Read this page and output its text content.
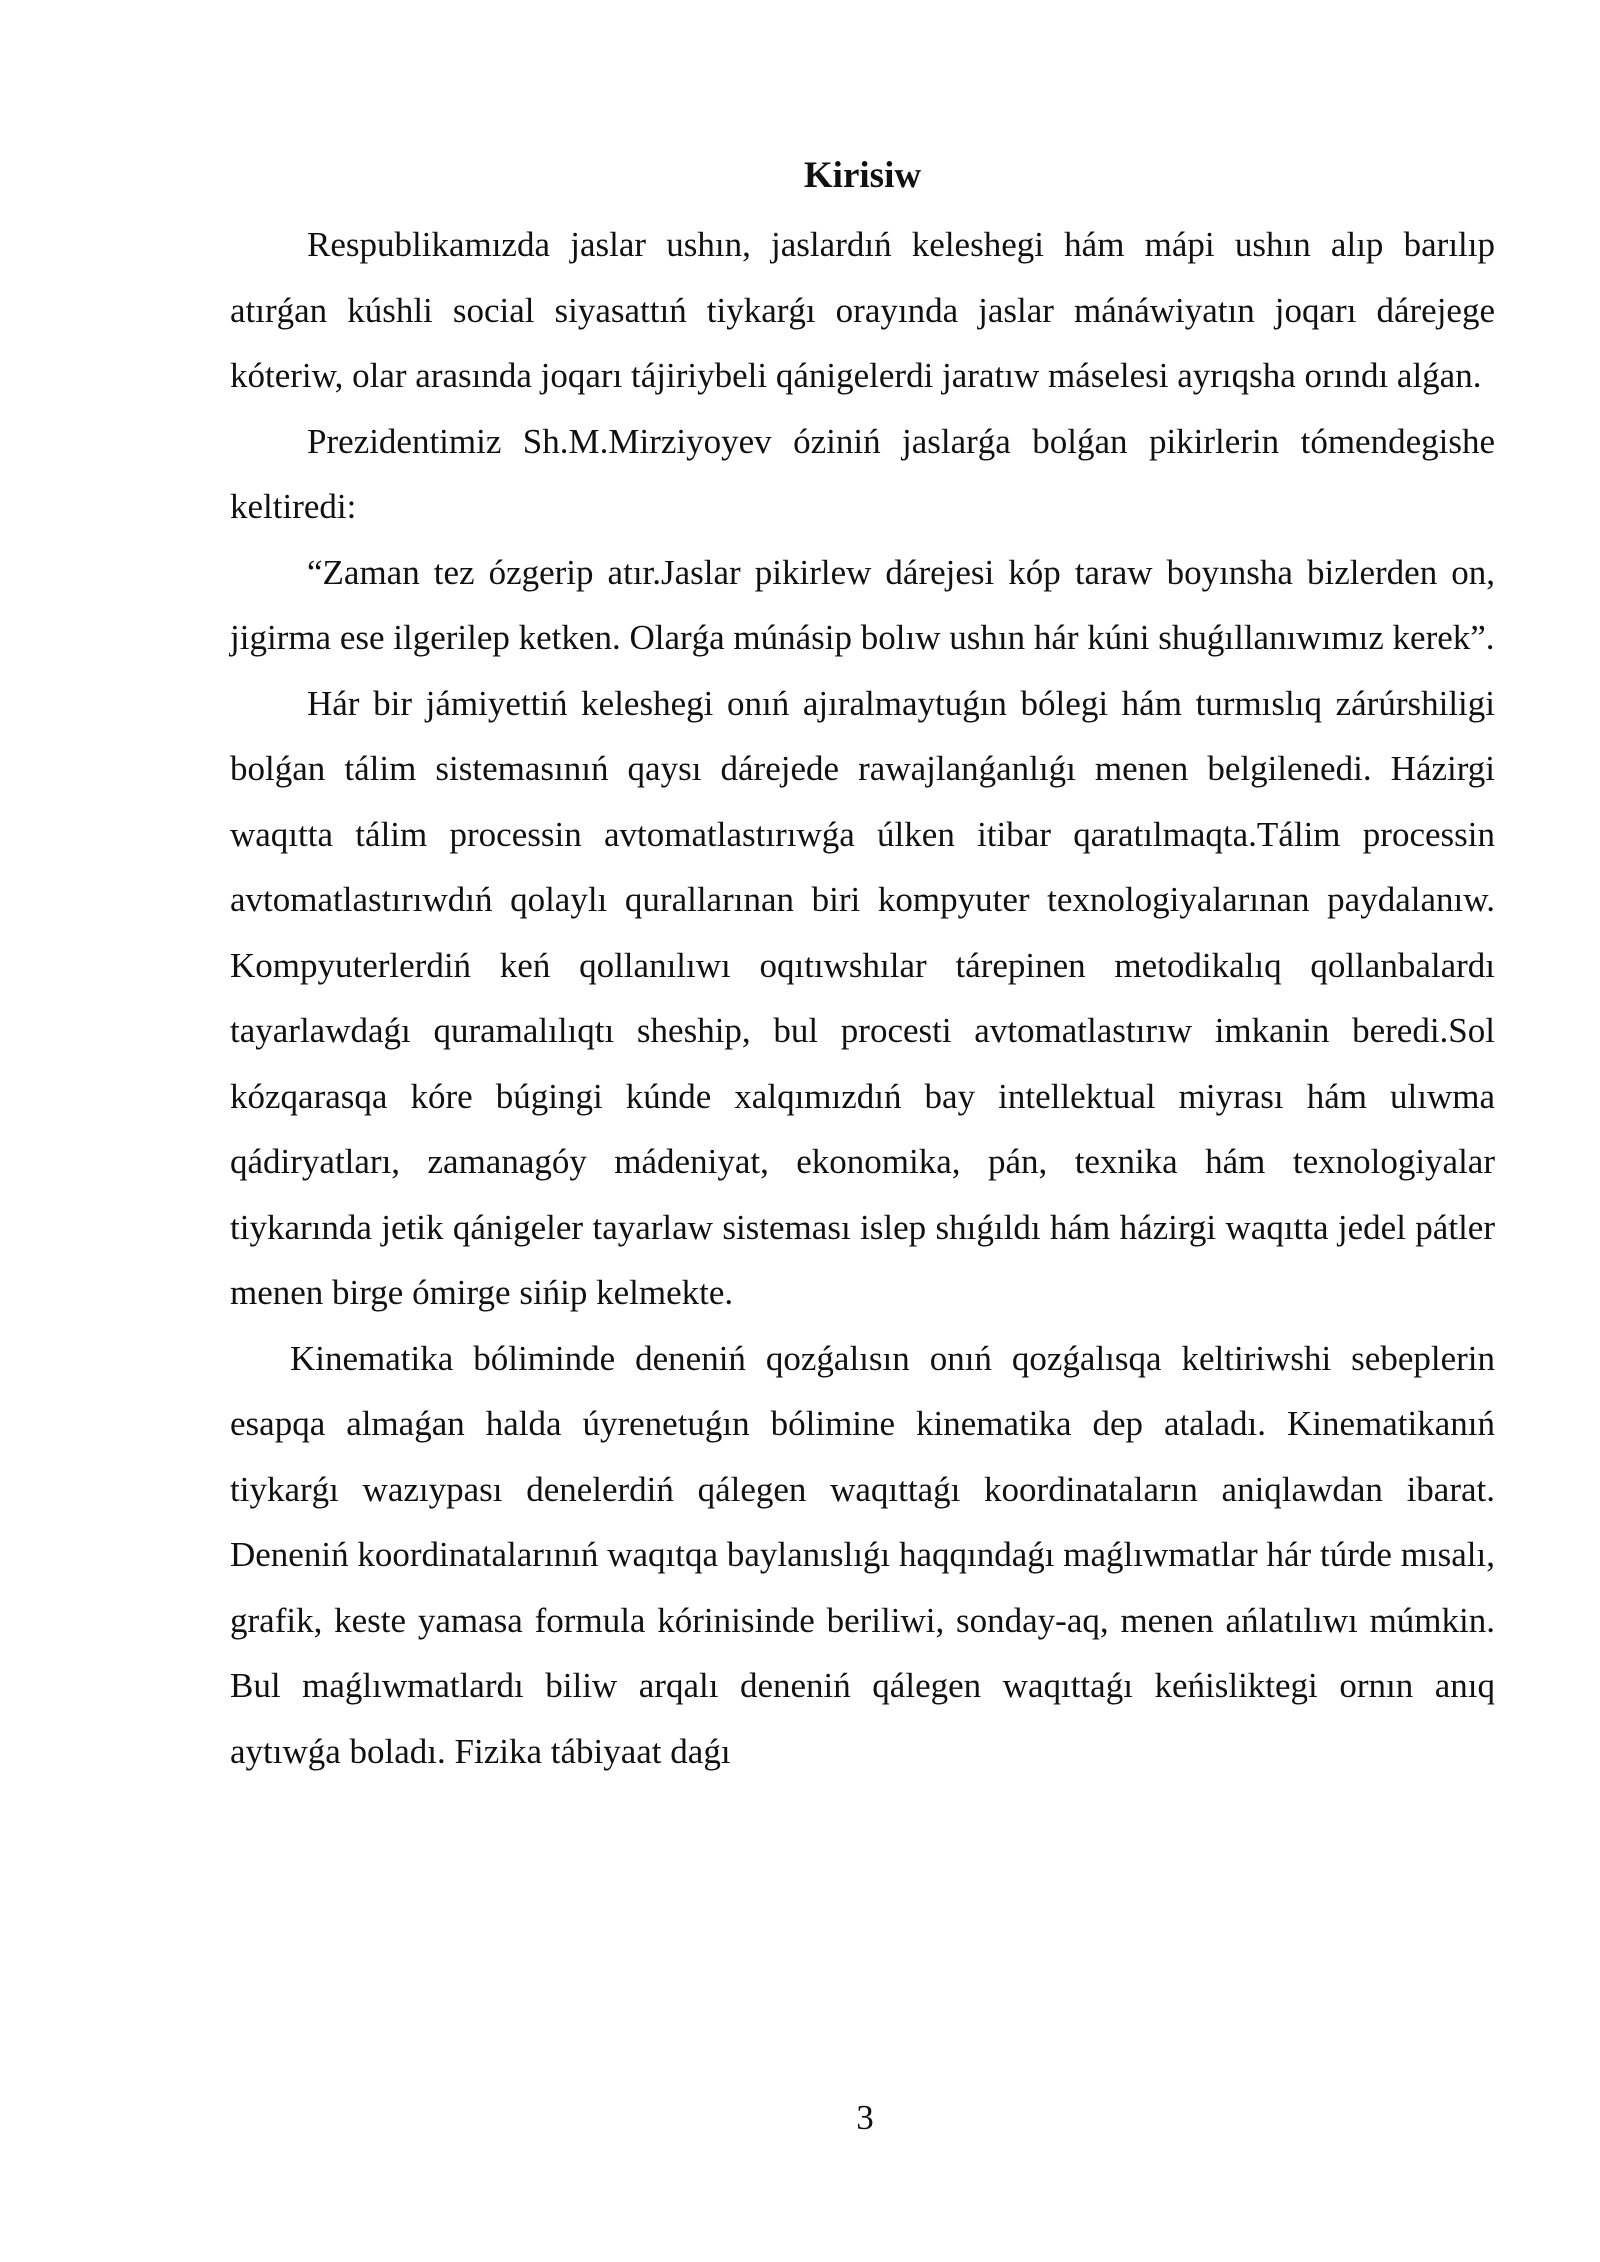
Kirisiw

Respublikamızda jaslar ushın, jaslardıń keleshegi hám mápi ushın alıp barılıp atırǵan kúshli social siyasattıń tiykarǵı orayında jaslar mánáwiyatın joqarı dárejege kóteriw, olar arasında joqarı tájiriybeli qánigelerdi jaratıw máselesi ayrıqsha orındı alǵan.

Prezidentimiz Sh.M.Mirziyoyev óziniń jaslarǵa bolǵan pikirlerin tómendegishe keltiredi:

“Zaman tez ózgerip atır.Jaslar pikirlew dárejesi kóp taraw boyınsha bizlerden on, jigirma ese ilgerilep ketken. Olarǵa múnásip bolıw ushın hár kúni shuǵıllanıwımız kerek”.

Hár bir jámiyettiń keleshegi onıń ajıralmaytuǵın bólegi hám turmıslıq zárúrshiligi bolǵan tálim sistemasınıń qaysı dárejede rawajlanǵanlıǵı menen belgilenedi. Házirgi waqıtta tálim processin avtomatlastırıwǵa úlken itibar qaratılmaqta.Tálim processin avtomatlastırıwdıń qolaylı qurallarınan biri kompyuter texnologiyalarınan paydalanıw. Kompyuterlerdiń keń qollanılıwı oqıtıwshılar tárepinen metodikalıq qollanbalardı tayarlawdaǵı quramalılıqtı sheship, bul procesti avtomatlastırıw imkanin beredi.Sol kózqarasqa kóre búgingi kúnde xalqımızdıń bay intellektual miyrası hám ulıwma qádiryatları, zamanagóy mádeniyat, ekonomika, pán, texnika hám texnologiyalar tiykarında jetik qánigeler tayarlaw sisteması islep shıǵıldı hám házirgi waqıtta jedel pátler menen birge ómirge sińip kelmekte.

Kinematika bóliminde deneniń qozǵalısın onıń qozǵalısqa keltiriwshi sebeplerin esapqa almaǵan halda úyrenetuǵın bólimine kinematika dep ataladı. Kinematikanıń tiykarǵı wazıypası denelerdiń qálegen waqıttaǵı koordinataların aniqlawdan ibarat. Deneniń koordinatalarınıń waqıtqa baylanıslıǵı haqqındaǵı maǵlıwmatlar hár túrde mısalı, grafik, keste yamasa formula kórinisinde beriliwi, sonday-aq, menen ańlatılıwı múmkin. Bul maǵlıwmatlardı biliw arqalı deneniń qálegen waqıttaǵı keńisliktegi ornın anıq aytıwǵa boladı. Fizika tábiyaat daǵı

3
